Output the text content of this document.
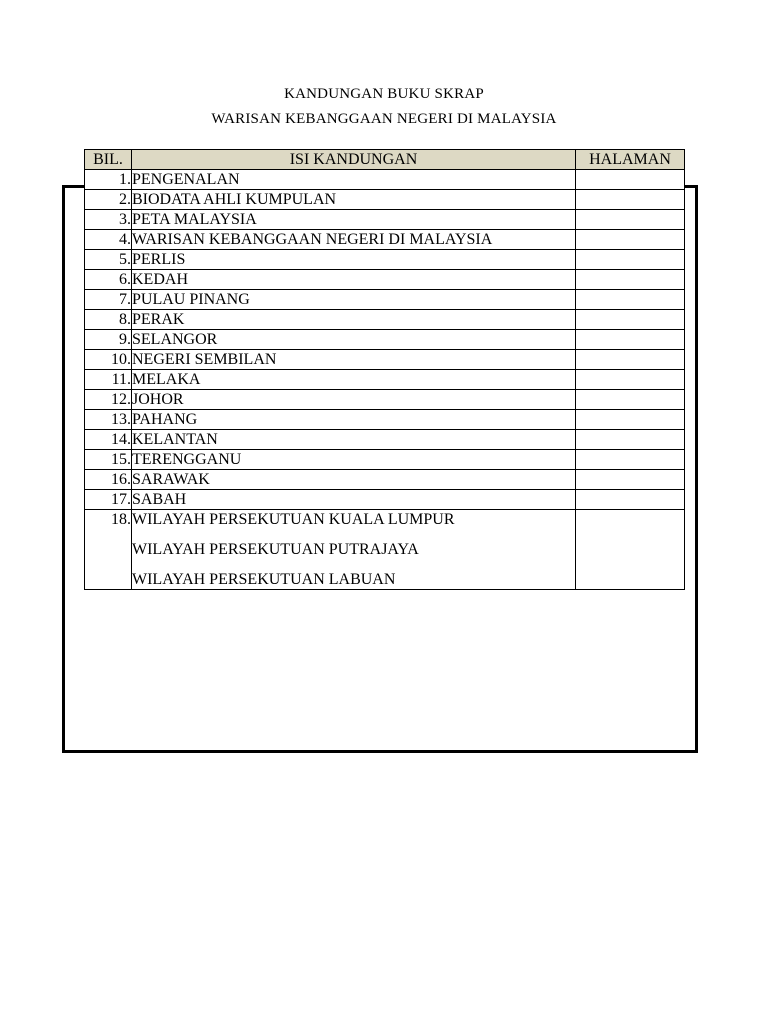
KANDUNGAN BUKU SKRAP
WARISAN KEBANGGAAN NEGERI DI MALAYSIA
BIL.	ISI KANDUNGAN	HALAMAN
1.	PENGENALAN	
2.	BIODATA AHLI KUMPULAN	
3.	PETA MALAYSIA	
4.	WARISAN KEBANGGAAN NEGERI DI MALAYSIA	
5.	PERLIS	
6.	KEDAH	
7.	PULAU PINANG	
8.	PERAK	
9.	SELANGOR	
10.	NEGERI SEMBILAN	
11.	MELAKA	
12.	JOHOR	
13.	PAHANG	
14.	KELANTAN	
15.	TERENGGANU	
16.	SARAWAK	
17.	SABAH	
18.	WILAYAH PERSEKUTUAN KUALA LUMPUR
WILAYAH PERSEKUTUAN PUTRAJAYA
WILAYAH PERSEKUTUAN LABUAN	
